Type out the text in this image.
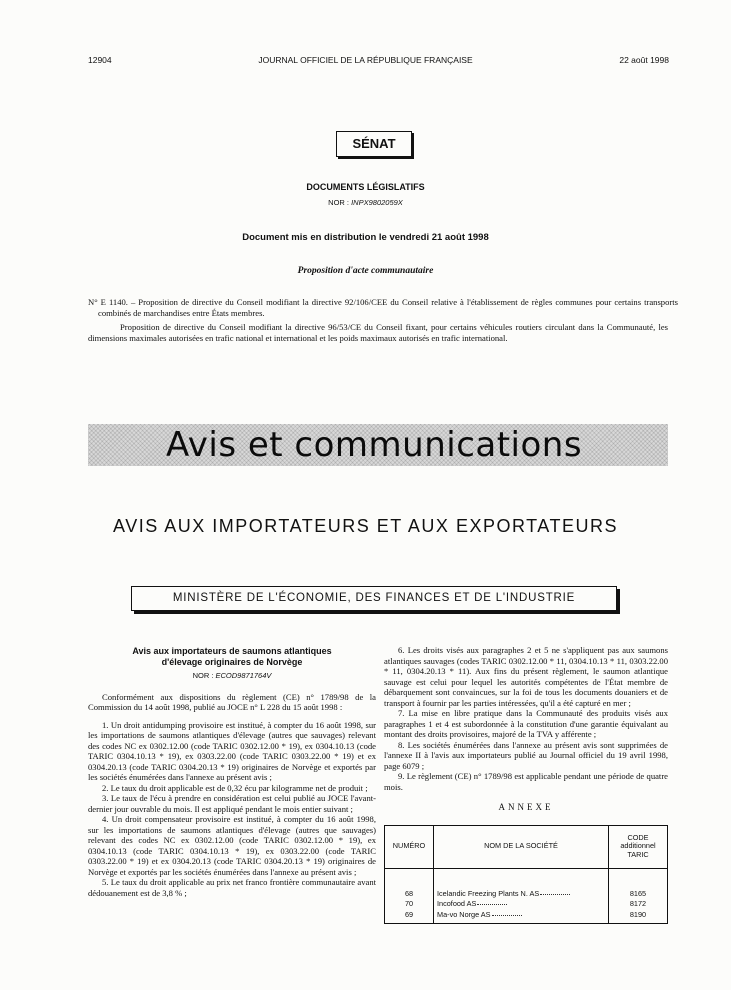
12904	JOURNAL OFFICIEL DE LA RÉPUBLIQUE FRANÇAISE	22 août 1998
SÉNAT
DOCUMENTS LÉGISLATIFS
NOR : INPX9802059X
Document mis en distribution le vendredi 21 août 1998
Proposition d'acte communautaire
N° E 1140. – Proposition de directive du Conseil modifiant la directive 92/106/CEE du Conseil relative à l'établissement de règles communes pour certains transports combinés de marchandises entre États membres.
Proposition de directive du Conseil modifiant la directive 96/53/CE du Conseil fixant, pour certains véhicules routiers circulant dans la Communauté, les dimensions maximales autorisées en trafic national et international et les poids maximaux autorisés en trafic international.
Avis et communications
AVIS AUX IMPORTATEURS ET AUX EXPORTATEURS
MINISTÈRE DE L'ÉCONOMIE, DES FINANCES ET DE L'INDUSTRIE

Avis aux importateurs de saumons atlantiques

d'élevage originaires de Norvège

NOR : ECOD9871764V

Conformément aux dispositions du règlement (CE) n° 1789/98 de la Commission du 14 août 1998, publié au JOCE n° L 228 du 15 août 1998 :

1. Un droit antidumping provisoire est institué, à compter du 16 août 1998, sur les importations de saumons atlantiques d'élevage (autres que sauvages) relevant des codes NC ex 0302.12.00 (code TARIC 0302.12.00 * 19), ex 0304.10.13 (code TARIC 0304.10.13 * 19), ex 0303.22.00 (code TARIC 0303.22.00 * 19) et ex 0304.20.13 (code TARIC 0304.20.13 * 19) originaires de Norvège et exportés par les sociétés énumérées dans l'annexe au présent avis ;

2. Le taux du droit applicable est de 0,32 écu par kilogramme net de produit ;

3. Le taux de l'écu à prendre en considération est celui publié au JOCE l'avant-dernier jour ouvrable du mois. Il est appliqué pendant le mois entier suivant ;

4. Un droit compensateur provisoire est institué, à compter du 16 août 1998, sur les importations de saumons atlantiques d'élevage (autres que sauvages) relevant des codes NC ex 0302.12.00 (code TARIC 0302.12.00 * 19), ex 0304.10.13 (code TARIC 0304.10.13 * 19), ex 0303.22.00 (code TARIC 0303.22.00 * 19) et ex 0304.20.13 (code TARIC 0304.20.13 * 19) originaires de Norvège et exportés par les sociétés énumérées dans l'annexe au présent avis ;

5. Le taux du droit applicable au prix net franco frontière communautaire avant dédouanement est de 3,8 % ;

6. Les droits visés aux paragraphes 2 et 5 ne s'appliquent pas aux saumons atlantiques sauvages (codes TARIC 0302.12.00 * 11, 0304.10.13 * 11, 0303.22.00 * 11, 0304.20.13 * 11). Aux fins du présent règlement, le saumon atlantique sauvage est celui pour lequel les autorités compétentes de l'État membre de débarquement sont convaincues, sur la foi de tous les documents douaniers et de transport à fournir par les parties intéressées, qu'il a été capturé en mer ;

7. La mise en libre pratique dans la Communauté des produits visés aux paragraphes 1 et 4 est subordonnée à la constitution d'une garantie équivalant au montant des droits provisoires, majoré de la TVA y afférente ;

8. Les sociétés énumérées dans l'annexe au présent avis sont supprimées de l'annexe II à l'avis aux importateurs publié au Journal officiel du 19 avril 1998, page 6079 ;

9. Le règlement (CE) n° 1789/98 est applicable pendant une période de quatre mois.

ANNEXE

NUMÉRO	NOM DE LA SOCIÉTÉ	CODE additionnel TARIC

68	Icelandic Freezing Plants N. AS	8165
70	Incofood AS	8172
69	Ma-vo Norge AS	8190
